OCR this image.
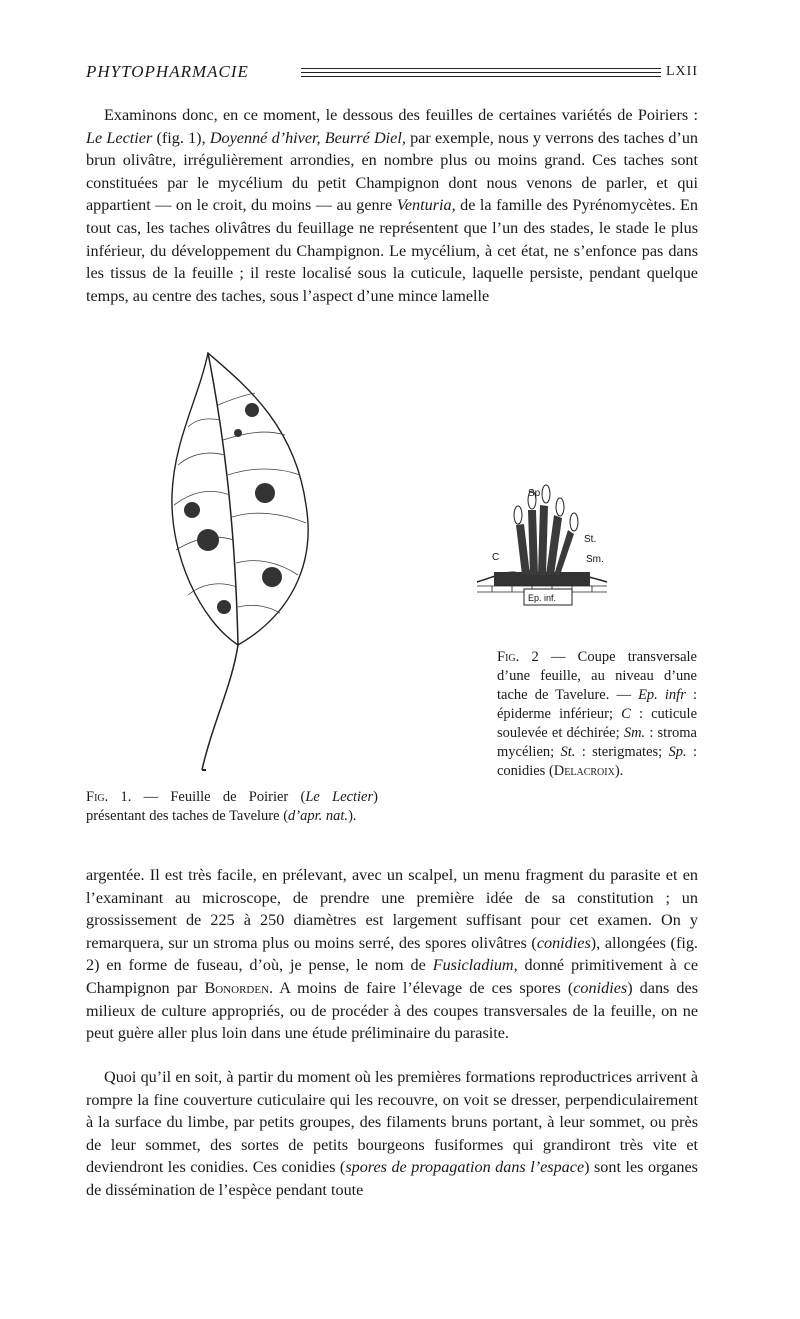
PHYTOPHARMACIE	LXII

Examinons donc, en ce moment, le dessous des feuilles de certaines variétés de Poiriers : Le Lectier (fig. 1), Doyenné d’hiver, Beurré Diel, par exemple, nous y verrons des taches d’un brun olivâtre, irrégulièrement arrondies, en nombre plus ou moins grand. Ces taches sont constituées par le mycélium du petit Champignon dont nous venons de parler, et qui appartient — on le croit, du moins — au genre Venturia, de la famille des Pyrénomycètes. En tout cas, les taches olivâtres du feuillage ne représentent que l’un des stades, le stade le plus inférieur, du développement du Champignon. Le mycélium, à cet état, ne s’enfonce pas dans les tissus de la feuille ; il reste localisé sous la cuticule, laquelle persiste, pendant quelque temps, au centre des taches, sous l’aspect d’une mince lamelle

Sp
St.
Sm.
C
Ep. inf.

Fig. 2 — Coupe transversale d’une feuille, au niveau d’une tache de Tavelure. — Ep. infr : épiderme inférieur; C : cuticule soulevée et déchirée; Sm. : stroma mycélien; St. : sterigmates; Sp. : conidies (Delacroix).

Fig. 1. — Feuille de Poirier (Le Lectier) présentant des taches de Tavelure (d’apr. nat.).

argentée. Il est très facile, en prélevant, avec un scalpel, un menu fragment du parasite et en l’examinant au microscope, de prendre une première idée de sa constitution ; un grossissement de 225 à 250 diamètres est largement suffisant pour cet examen. On y remarquera, sur un stroma plus ou moins serré, des spores olivâtres (conidies), allongées (fig. 2) en forme de fuseau, d’où, je pense, le nom de Fusicladium, donné primitivement à ce Champignon par Bonorden. A moins de faire l’élevage de ces spores (conidies) dans des milieux de culture appropriés, ou de procéder à des coupes transversales de la feuille, on ne peut guère aller plus loin dans une étude préliminaire du parasite.

Quoi qu’il en soit, à partir du moment où les premières formations reproductrices arrivent à rompre la fine couverture cuticulaire qui les recouvre, on voit se dresser, perpendiculairement à la surface du limbe, par petits groupes, des filaments bruns portant, à leur sommet, ou près de leur sommet, des sortes de petits bourgeons fusiformes qui grandiront très vite et deviendront les conidies. Ces conidies (spores de propagation dans l’espace) sont les organes de dissémination de l’espèce pendant toute
